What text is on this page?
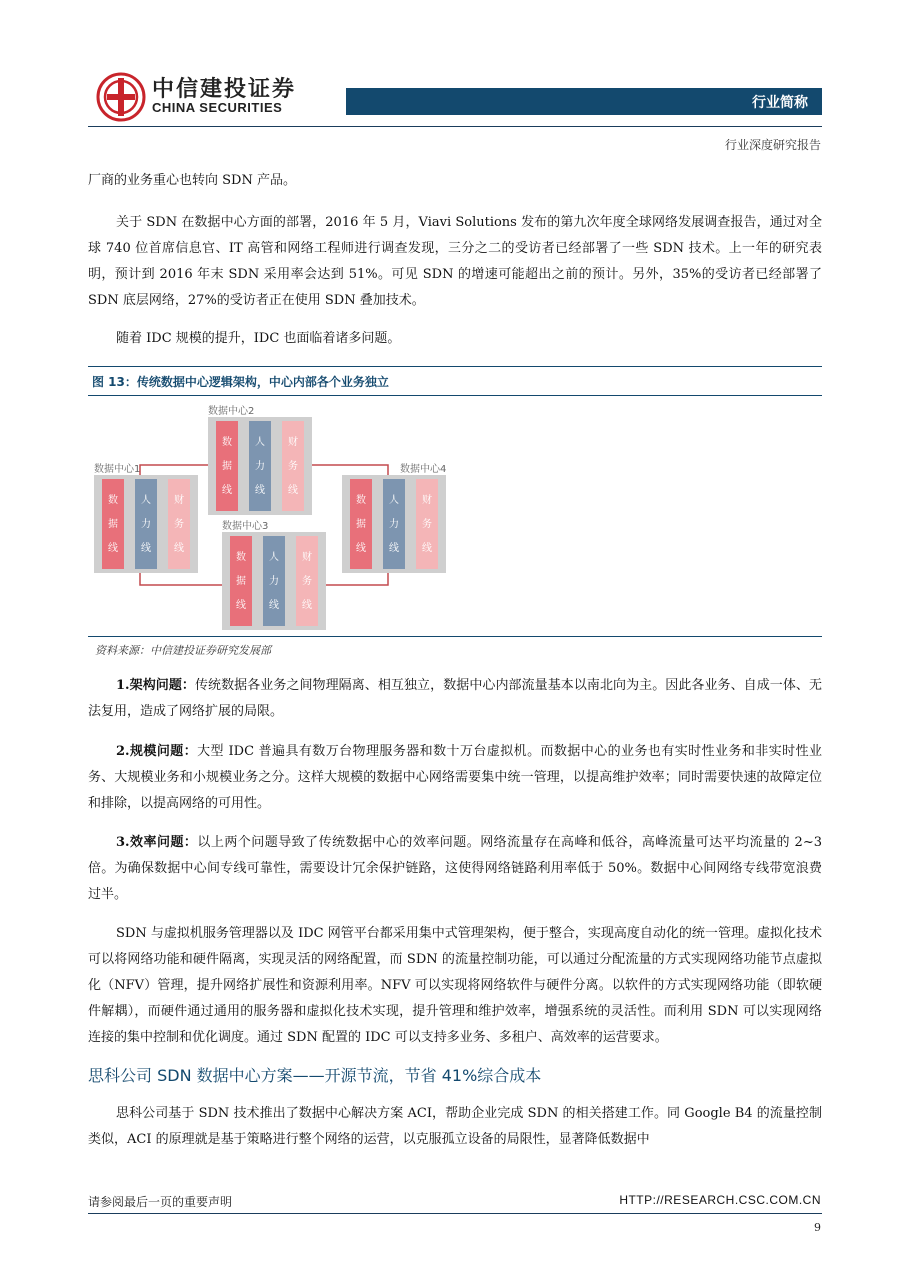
中信建投证券
CHINA SECURITIES	行业简称
行业深度研究报告

厂商的业务重心也转向 SDN 产品。

关于 SDN 在数据中心方面的部署，2016 年 5 月，Viavi Solutions 发布的第九次年度全球网络发展调查报告，通过对全球 740 位首席信息官、IT 高管和网络工程师进行调查发现，三分之二的受访者已经部署了一些 SDN 技术。上一年的研究表明，预计到 2016 年末 SDN 采用率会达到 51%。可见 SDN 的增速可能超出之前的预计。另外，35%的受访者已经部署了 SDN 底层网络，27%的受访者正在使用 SDN 叠加技术。

随着 IDC 规模的提升，IDC 也面临着诸多问题。

图 13：传统数据中心逻辑架构，中心内部各个业务独立
数据中心1
数据中心2
数据中心3
数据中心4
数
据
线
人
力
线
财
务
线
数
据
线
人
力
线
财
务
线
数
据
线
人
力
线
财
务
线
数
据
线
人
力
线
财
务
线
资料来源：中信建投证券研究发展部

1.架构问题：传统数据各业务之间物理隔离、相互独立，数据中心内部流量基本以南北向为主。因此各业务、自成一体、无法复用，造成了网络扩展的局限。

2.规模问题：大型 IDC 普遍具有数万台物理服务器和数十万台虚拟机。而数据中心的业务也有实时性业务和非实时性业务、大规模业务和小规模业务之分。这样大规模的数据中心网络需要集中统一管理，以提高维护效率；同时需要快速的故障定位和排除，以提高网络的可用性。

3.效率问题：以上两个问题导致了传统数据中心的效率问题。网络流量存在高峰和低谷，高峰流量可达平均流量的 2~3 倍。为确保数据中心间专线可靠性，需要设计冗余保护链路，这使得网络链路利用率低于 50%。数据中心间网络专线带宽浪费过半。

SDN 与虚拟机服务管理器以及 IDC 网管平台都采用集中式管理架构，便于整合，实现高度自动化的统一管理。虚拟化技术可以将网络功能和硬件隔离，实现灵活的网络配置，而 SDN 的流量控制功能，可以通过分配流量的方式实现网络功能节点虚拟化（NFV）管理，提升网络扩展性和资源利用率。NFV 可以实现将网络软件与硬件分离。以软件的方式实现网络功能（即软硬件解耦），而硬件通过通用的服务器和虚拟化技术实现，提升管理和维护效率，增强系统的灵活性。而利用 SDN 可以实现网络连接的集中控制和优化调度。通过 SDN 配置的 IDC 可以支持多业务、多租户、高效率的运营要求。

思科公司 SDN 数据中心方案——开源节流，节省 41%综合成本

思科公司基于 SDN 技术推出了数据中心解决方案 ACI，帮助企业完成 SDN 的相关搭建工作。同 Google B4 的流量控制类似，ACI 的原理就是基于策略进行整个网络的运营，以克服孤立设备的局限性，显著降低数据中

请参阅最后一页的重要声明	HTTP://RESEARCH.CSC.COM.CN
9
